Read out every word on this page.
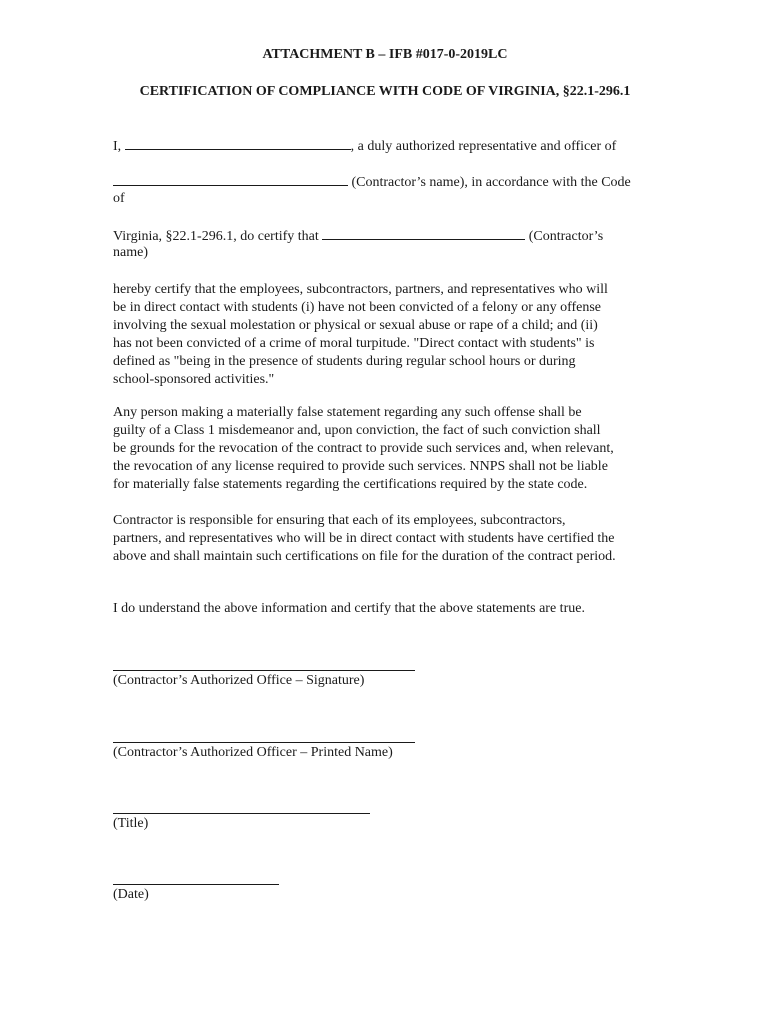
ATTACHMENT B – IFB #017-0-2019LC
CERTIFICATION OF COMPLIANCE WITH CODE OF VIRGINIA, §22.1-296.1
I,	, a duly authorized representative and officer of
(Contractor’s name), in accordance with the Code
of
Virginia, §22.1-296.1, do certify that	(Contractor’s
name)
hereby certify that the employees, subcontractors, partners, and representatives who will
be in direct contact with students (i) have not been convicted of a felony or any offense
involving the sexual molestation or physical or sexual abuse or rape of a child; and (ii)
has not been convicted of a crime of moral turpitude. "Direct contact with students" is
defined as "being in the presence of students during regular school hours or during
school-sponsored activities."
Any person making a materially false statement regarding any such offense shall be
guilty of a Class 1 misdemeanor and, upon conviction, the fact of such conviction shall
be grounds for the revocation of the contract to provide such services and, when relevant,
the revocation of any license required to provide such services. NNPS shall not be liable
for materially false statements regarding the certifications required by the state code.
Contractor is responsible for ensuring that each of its employees, subcontractors,
partners, and representatives who will be in direct contact with students have certified the
above and shall maintain such certifications on file for the duration of the contract period.
I do understand the above information and certify that the above statements are true.
(Contractor’s Authorized Office – Signature)
(Contractor’s Authorized Officer – Printed Name)
(Title)
(Date)
